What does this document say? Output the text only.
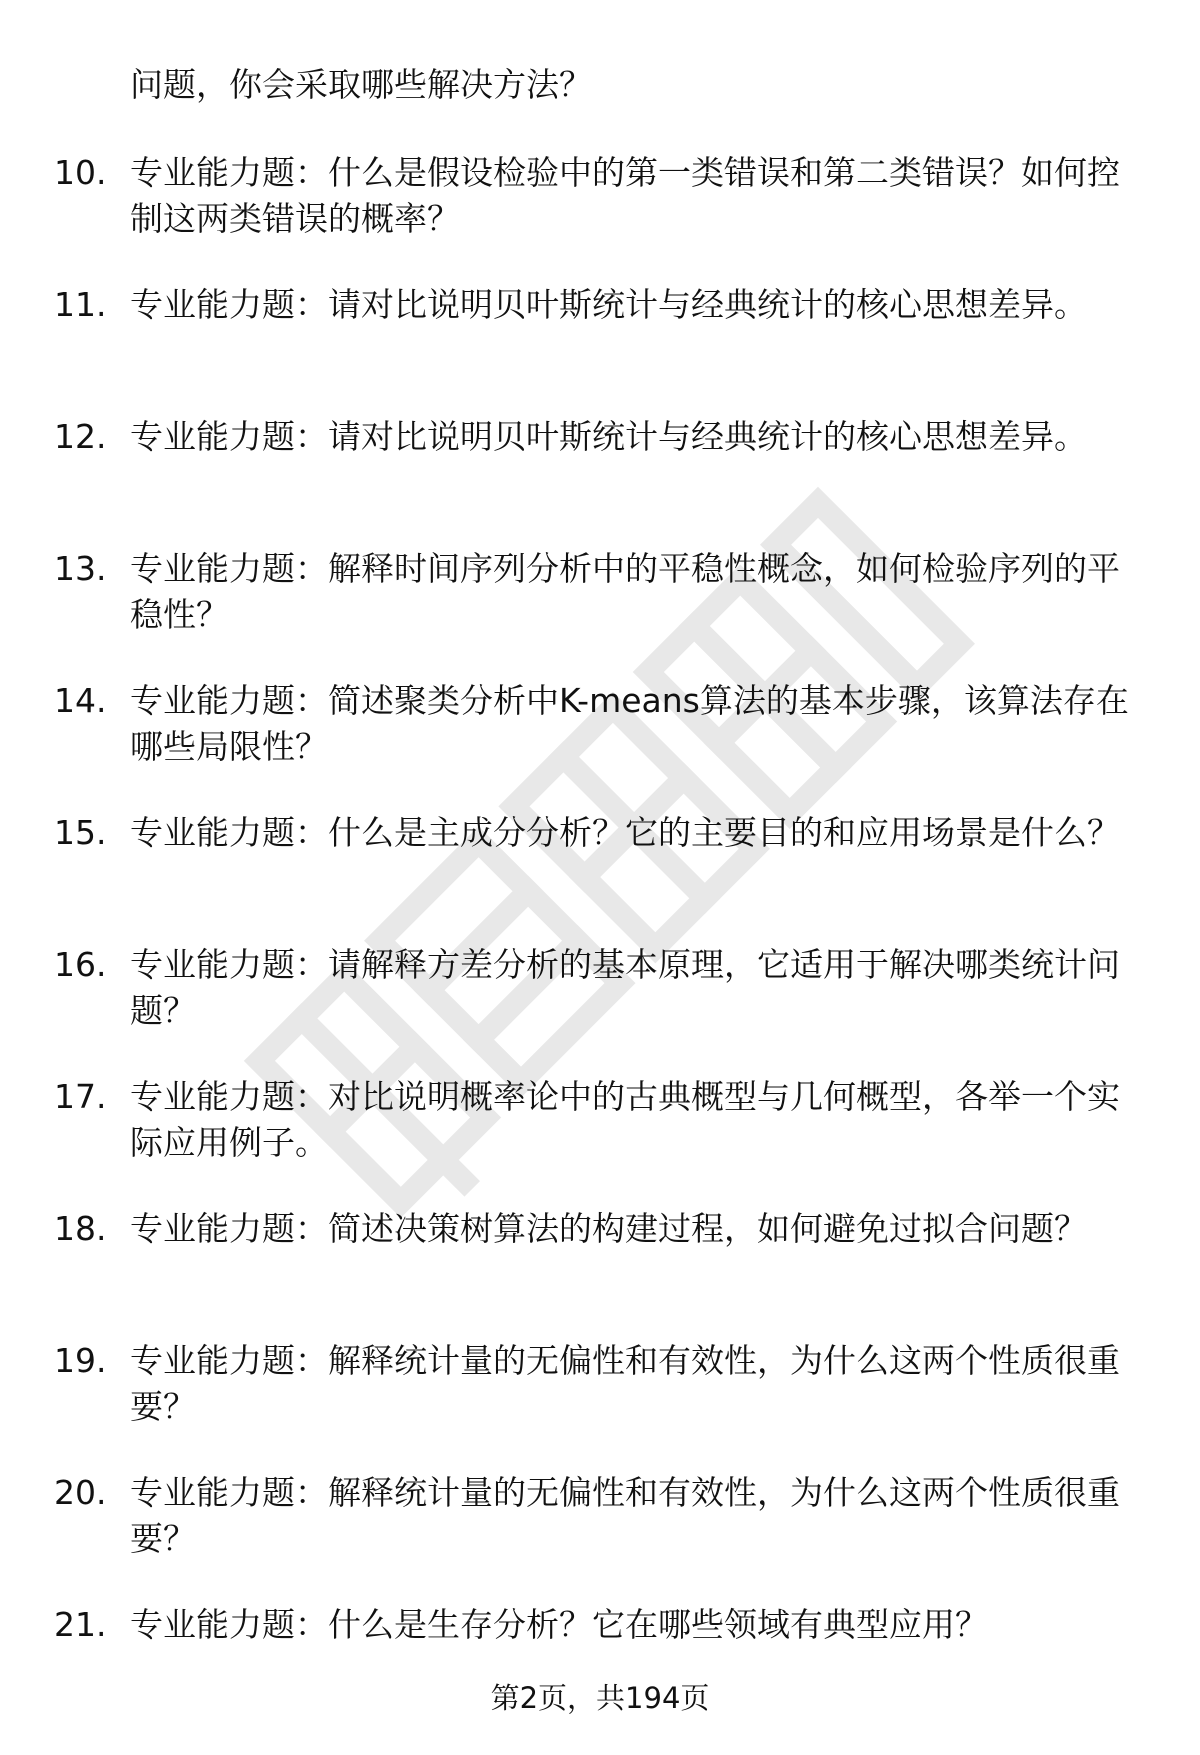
问题，你会采取哪些解决方法？
10. 专业能力题：什么是假设检验中的第一类错误和第二类错误？如何控制这两类错误的概率？
11. 专业能力题：请对比说明贝叶斯统计与经典统计的核心思想差异。
12. 专业能力题：请对比说明贝叶斯统计与经典统计的核心思想差异。
13. 专业能力题：解释时间序列分析中的平稳性概念，如何检验序列的平稳性？
14. 专业能力题：简述聚类分析中K-means算法的基本步骤，该算法存在哪些局限性？
15. 专业能力题：什么是主成分分析？它的主要目的和应用场景是什么？
16. 专业能力题：请解释方差分析的基本原理，它适用于解决哪类统计问题？
17. 专业能力题：对比说明概率论中的古典概型与几何概型，各举一个实际应用例子。
18. 专业能力题：简述决策树算法的构建过程，如何避免过拟合问题？
19. 专业能力题：解释统计量的无偏性和有效性，为什么这两个性质很重要？
20. 专业能力题：解释统计量的无偏性和有效性，为什么这两个性质很重要？
21. 专业能力题：什么是生存分析？它在哪些领域有典型应用？
第2页，共194页
